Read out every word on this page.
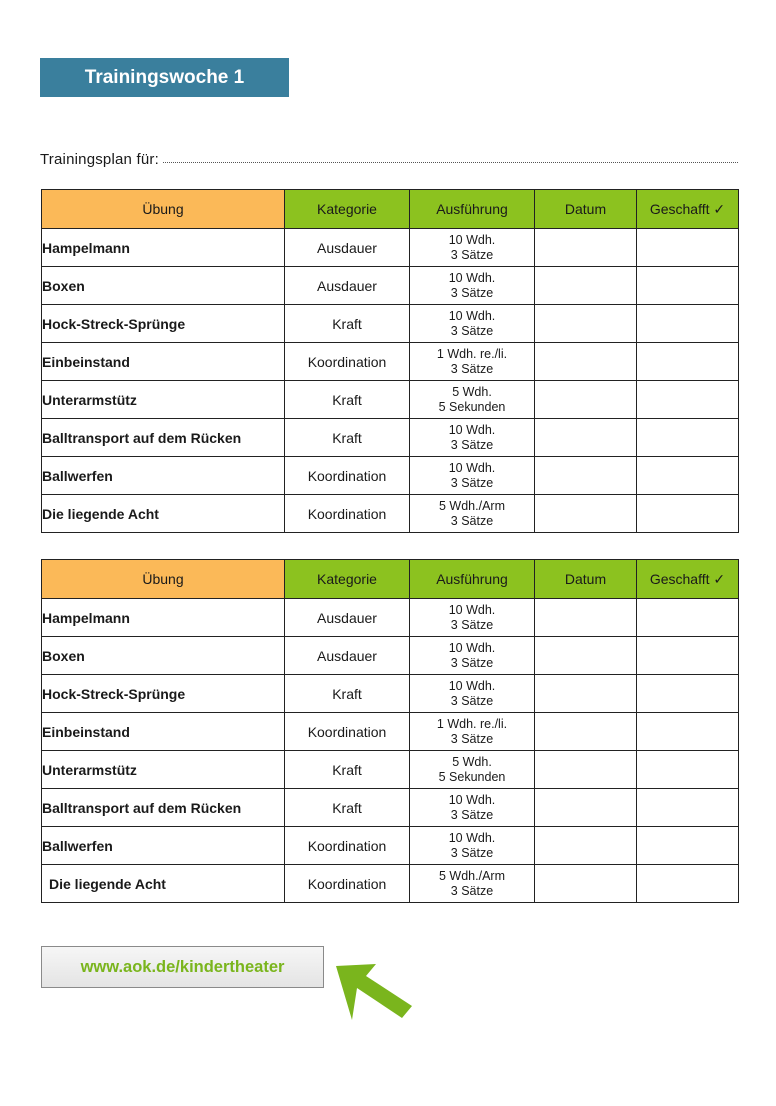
Trainingswoche 1
Trainingsplan für:
Übung	Kategorie	Ausführung	Datum	Geschafft ✓
Hampelmann	Ausdauer	10 Wdh.
3 Sätze		

Boxen	Ausdauer	10 Wdh.
3 Sätze		

Hock-Streck-Sprünge	Kraft	10 Wdh.
3 Sätze		

Einbeinstand	Koordination	1 Wdh. re./li.
3 Sätze		

Unterarmstütz	Kraft	5 Wdh.
5 Sekunden		

Balltransport auf dem Rücken	Kraft	10 Wdh.
3 Sätze		

Ballwerfen	Koordination	10 Wdh.
3 Sätze		

Die liegende Acht	Koordination	5 Wdh./Arm
3 Sätze		

Übung	Kategorie	Ausführung	Datum	Geschafft ✓
Hampelmann	Ausdauer	10 Wdh.
3 Sätze		

Boxen	Ausdauer	10 Wdh.
3 Sätze		

Hock-Streck-Sprünge	Kraft	10 Wdh.
3 Sätze		

Einbeinstand	Koordination	1 Wdh. re./li.
3 Sätze		

Unterarmstütz	Kraft	5 Wdh.
5 Sekunden		

Balltransport auf dem Rücken	Kraft	10 Wdh.
3 Sätze		

Ballwerfen	Koordination	10 Wdh.
3 Sätze		

Die liegende Acht	Koordination	5 Wdh./Arm
3 Sätze		

www.aok.de/kindertheater
